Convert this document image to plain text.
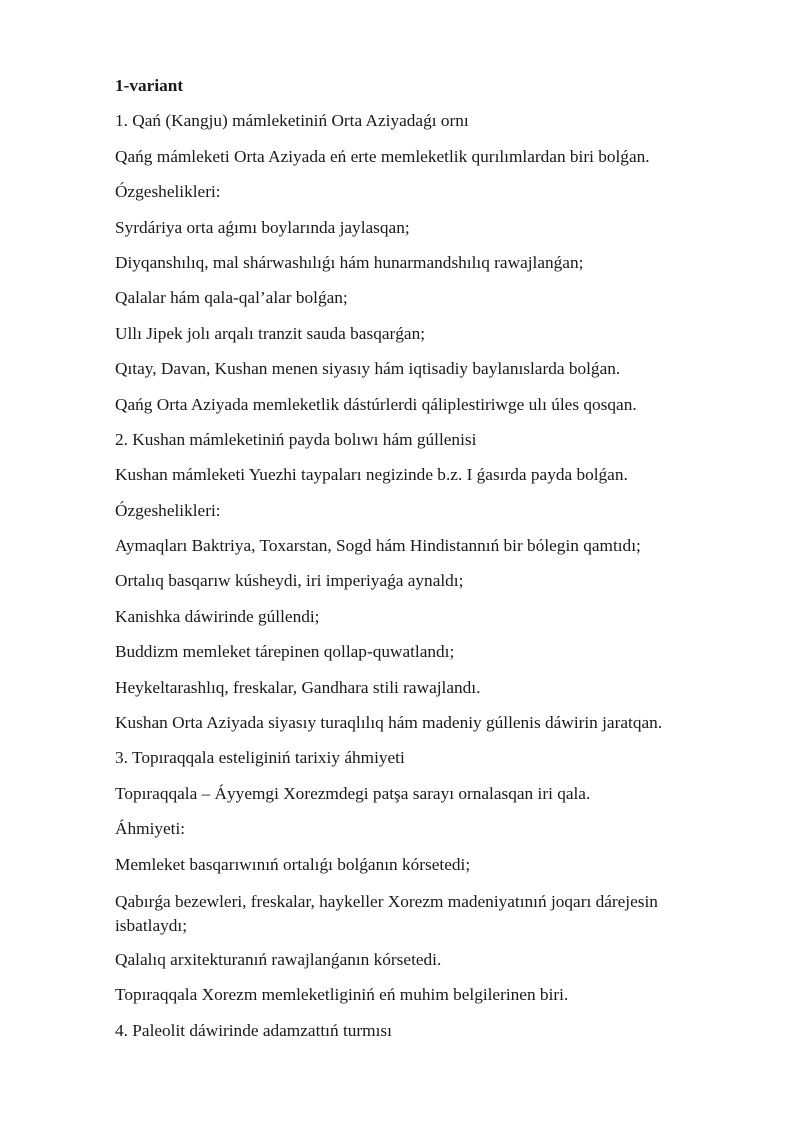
1-variant
1. Qań (Kangju) mámleketiniń Orta Aziyadaǵı ornı
Qańg mámleketi Orta Aziyada eń erte memleketlik qurılımlardan biri bolǵan.
Ózgeshelikleri:
Syrdáriya orta aǵımı boylarında jaylasqan;
Diyqanshılıq, mal shárwashılıǵı hám hunarmandshılıq rawajlanǵan;
Qalalar hám qala-qal’alar bolǵan;
Ullı Jipek jolı arqalı tranzit sauda basqarǵan;
Qıtay, Davan, Kushan menen siyasıy hám iqtisadiy baylanıslarda bolǵan.
Qańg Orta Aziyada memleketlik dástúrlerdi qáliplestiriwge ulı úles qosqan.
2. Kushan mámleketiniń payda bolıwı hám gúllenisi
Kushan mámleketi Yuezhi taypaları negizinde b.z. I ǵasırda payda bolǵan.
Ózgeshelikleri:
Aymaqları Baktriya, Toxarstan, Sogd hám Hindistannıń bir bólegin qamtıdı;
Ortalıq basqarıw kúsheydi, iri imperiyaǵa aynaldı;
Kanishka dáwirinde gúllendi;
Buddizm memleket tárepinen qollap-quwatlandı;
Heykeltarashlıq, freskalar, Gandhara stili rawajlandı.
Kushan Orta Aziyada siyasıy turaqlılıq hám madeniy gúllenis dáwirin jaratqan.
3. Topıraqqala esteliginiń tarixiy áhmiyeti
Topıraqqala – Áyyemgi Xorezmdegi patşa sarayı ornalasqan iri qala.
Áhmiyeti:
Memleket basqarıwınıń ortalıǵı bolǵanın kórsetedi;
Qabırǵa bezewleri, freskalar, haykeller Xorezm madeniyatınıń joqarı dárejesin isbatlaydı;
Qalalıq arxitekturanıń rawajlanǵanın kórsetedi.
Topıraqqala Xorezm memleketliginiń eń muhim belgilerinen biri.
4. Paleolit dáwirinde adamzattıń turmısı
